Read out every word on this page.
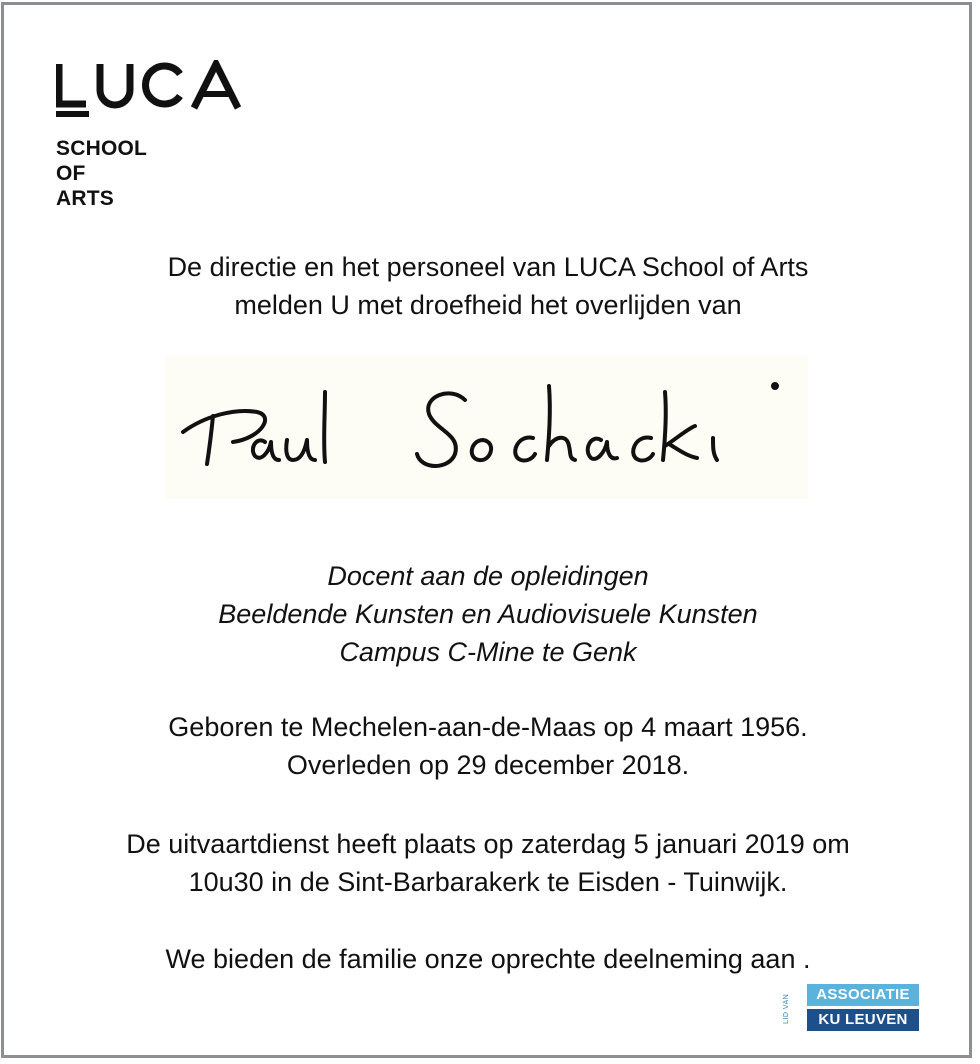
SCHOOL
OF
ARTS
De directie en het personeel van LUCA School of Arts
melden U met droefheid het overlijden van
Docent aan de opleidingen
Beeldende Kunsten en Audiovisuele Kunsten
Campus C-Mine te Genk
Geboren te Mechelen-aan-de-Maas op 4 maart 1956.
Overleden op 29 december 2018.
De uitvaartdienst heeft plaats op zaterdag 5 januari 2019 om
10u30 in de Sint-Barbarakerk te Eisden - Tuinwijk.
We bieden de familie onze oprechte deelneming aan .
LID VAN	ASSOCIATIE
KU LEUVEN
